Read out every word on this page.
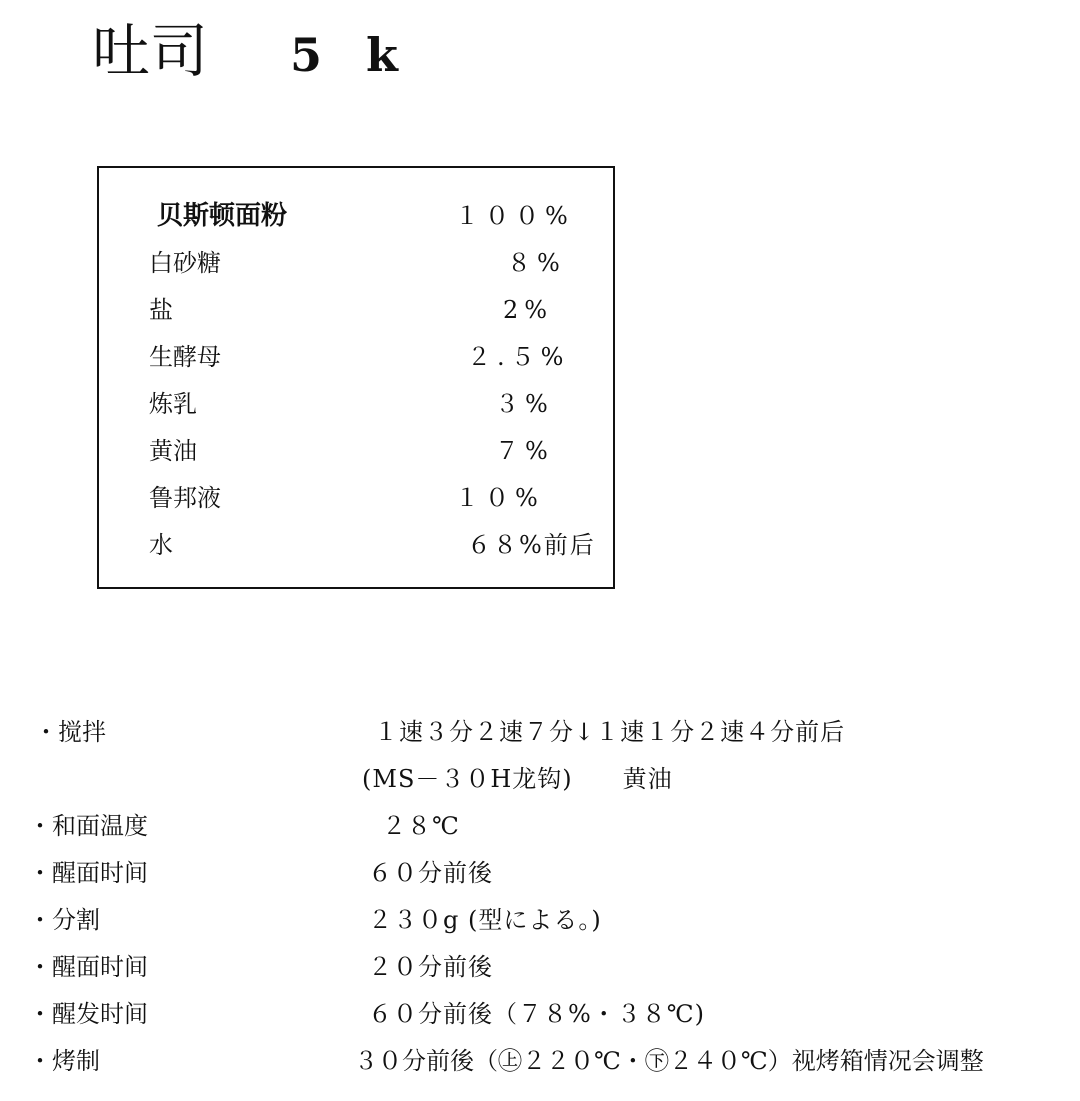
吐司 5 k
贝斯顿面粉	１００%
白砂糖	８%
盐	2%
生酵母	２.５%
炼乳	３%
黄油	７%
鲁邦液	１０%
水	６８%前后
・搅拌	１速３分２速７分↓１速１分２速４分前后
(MS－３０H龙钩)　　黄油
・和面温度	２８℃
・醒面时间	６０分前後
・分割	２３０g (型による。)
・醒面时间	２０分前後
・醒发时间	６０分前後（７８%・３８℃)
・烤制	３０分前後（㊤２２０℃・㊦２４０℃）视烤箱情况会调整
